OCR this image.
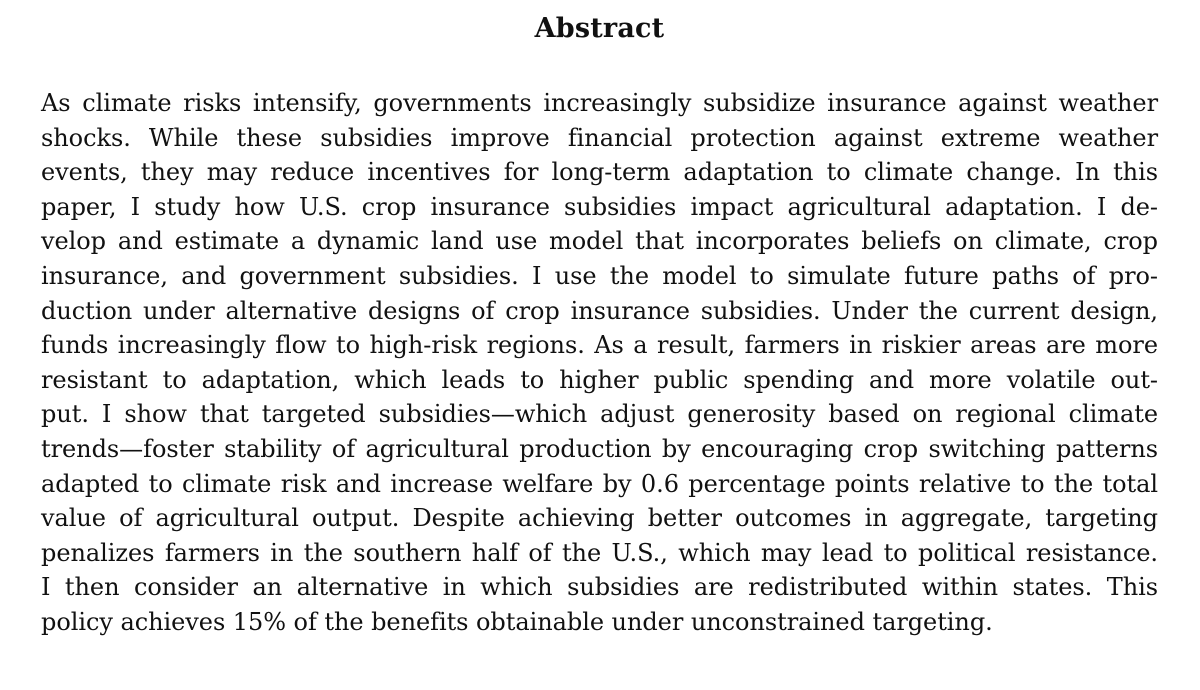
Abstract
As climate risks intensify, governments increasingly subsidize insurance against weather
shocks. While these subsidies improve financial protection against extreme weather
events, they may reduce incentives for long-term adaptation to climate change. In this
paper, I study how U.S. crop insurance subsidies impact agricultural adaptation. I de-
velop and estimate a dynamic land use model that incorporates beliefs on climate, crop
insurance, and government subsidies. I use the model to simulate future paths of pro-
duction under alternative designs of crop insurance subsidies. Under the current design,
funds increasingly flow to high-risk regions. As a result, farmers in riskier areas are more
resistant to adaptation, which leads to higher public spending and more volatile out-
put. I show that targeted subsidies—which adjust generosity based on regional climate
trends—foster stability of agricultural production by encouraging crop switching patterns
adapted to climate risk and increase welfare by 0.6 percentage points relative to the total
value of agricultural output. Despite achieving better outcomes in aggregate, targeting
penalizes farmers in the southern half of the U.S., which may lead to political resistance.
I then consider an alternative in which subsidies are redistributed within states. This
policy achieves 15% of the benefits obtainable under unconstrained targeting.
